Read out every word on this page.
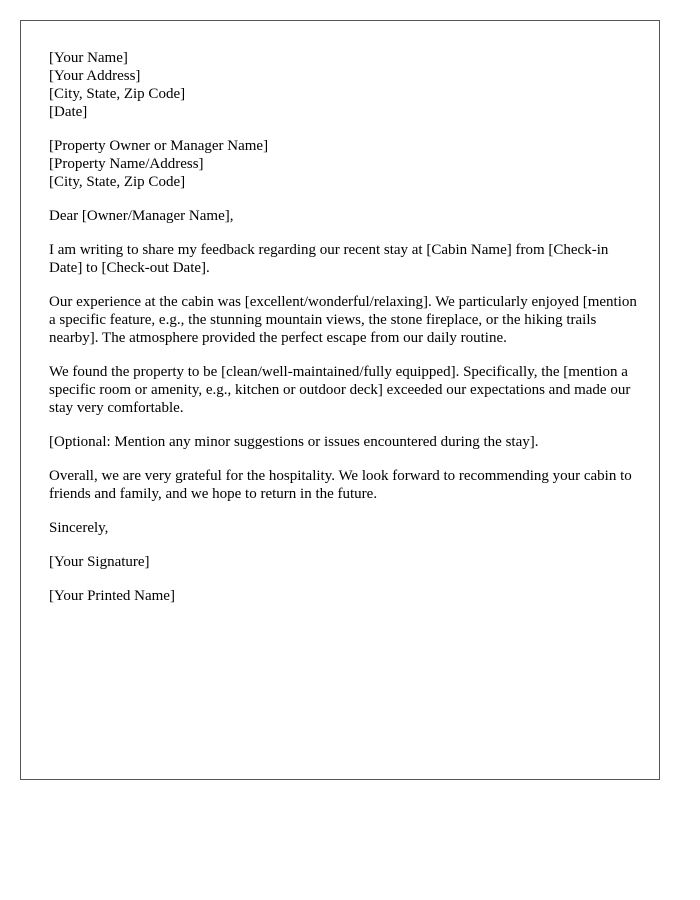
[Your Name]
[Your Address]
[City, State, Zip Code]
[Date]
[Property Owner or Manager Name]
[Property Name/Address]
[City, State, Zip Code]

Dear [Owner/Manager Name],

I am writing to share my feedback regarding our recent stay at [Cabin Name] from [Check-in Date] to [Check-out Date].

Our experience at the cabin was [excellent/wonderful/relaxing]. We particularly enjoyed [mention a specific feature, e.g., the stunning mountain views, the stone fireplace, or the hiking trails nearby]. The atmosphere provided the perfect escape from our daily routine.

We found the property to be [clean/well-maintained/fully equipped]. Specifically, the [mention a specific room or amenity, e.g., kitchen or outdoor deck] exceeded our expectations and made our stay very comfortable.

[Optional: Mention any minor suggestions or issues encountered during the stay].

Overall, we are very grateful for the hospitality. We look forward to recommending your cabin to friends and family, and we hope to return in the future.

Sincerely,

[Your Signature]

[Your Printed Name]
